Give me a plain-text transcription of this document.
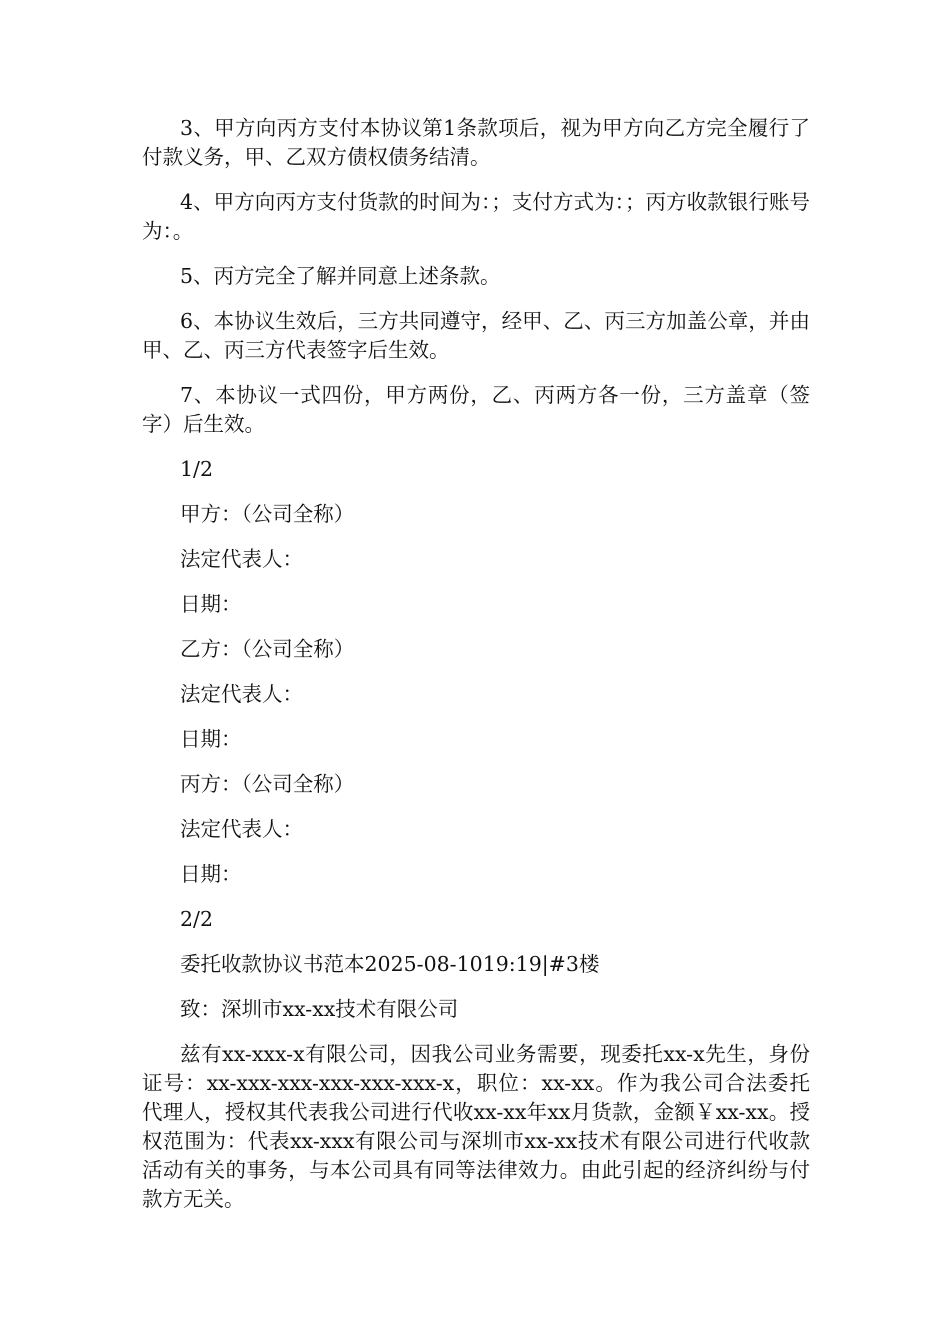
3、甲方向丙方支付本协议第1条款项后，视为甲方向乙方完全履行了付款义务，甲、乙双方债权债务结清。

4、甲方向丙方支付货款的时间为：；支付方式为：；丙方收款银行账号为：。

5、丙方完全了解并同意上述条款。

6、本协议生效后，三方共同遵守，经甲、乙、丙三方加盖公章，并由甲、乙、丙三方代表签字后生效。

7、本协议一式四份，甲方两份，乙、丙两方各一份，三方盖章（签字）后生效。

1/2

甲方：（公司全称）

法定代表人：

日期：

乙方：（公司全称）

法定代表人：

日期：

丙方：（公司全称）

法定代表人：

日期：

2/2

委托收款协议书范本2025-08-1019:19|#3楼

致：深圳市xx-xx技术有限公司

兹有xx-xxx-x有限公司，因我公司业务需要，现委托xx-x先生，身份证号：xx-xxx-xxx-xxx-xxx-xxx-x，职位：xx-xx。作为我公司合法委托代理人，授权其代表我公司进行代收xx-xx年xx月货款，金额￥xx-xx。授权范围为：代表xx-xxx有限公司与深圳市xx-xx技术有限公司进行代收款活动有关的事务，与本公司具有同等法律效力。由此引起的经济纠纷与付款方无关。
